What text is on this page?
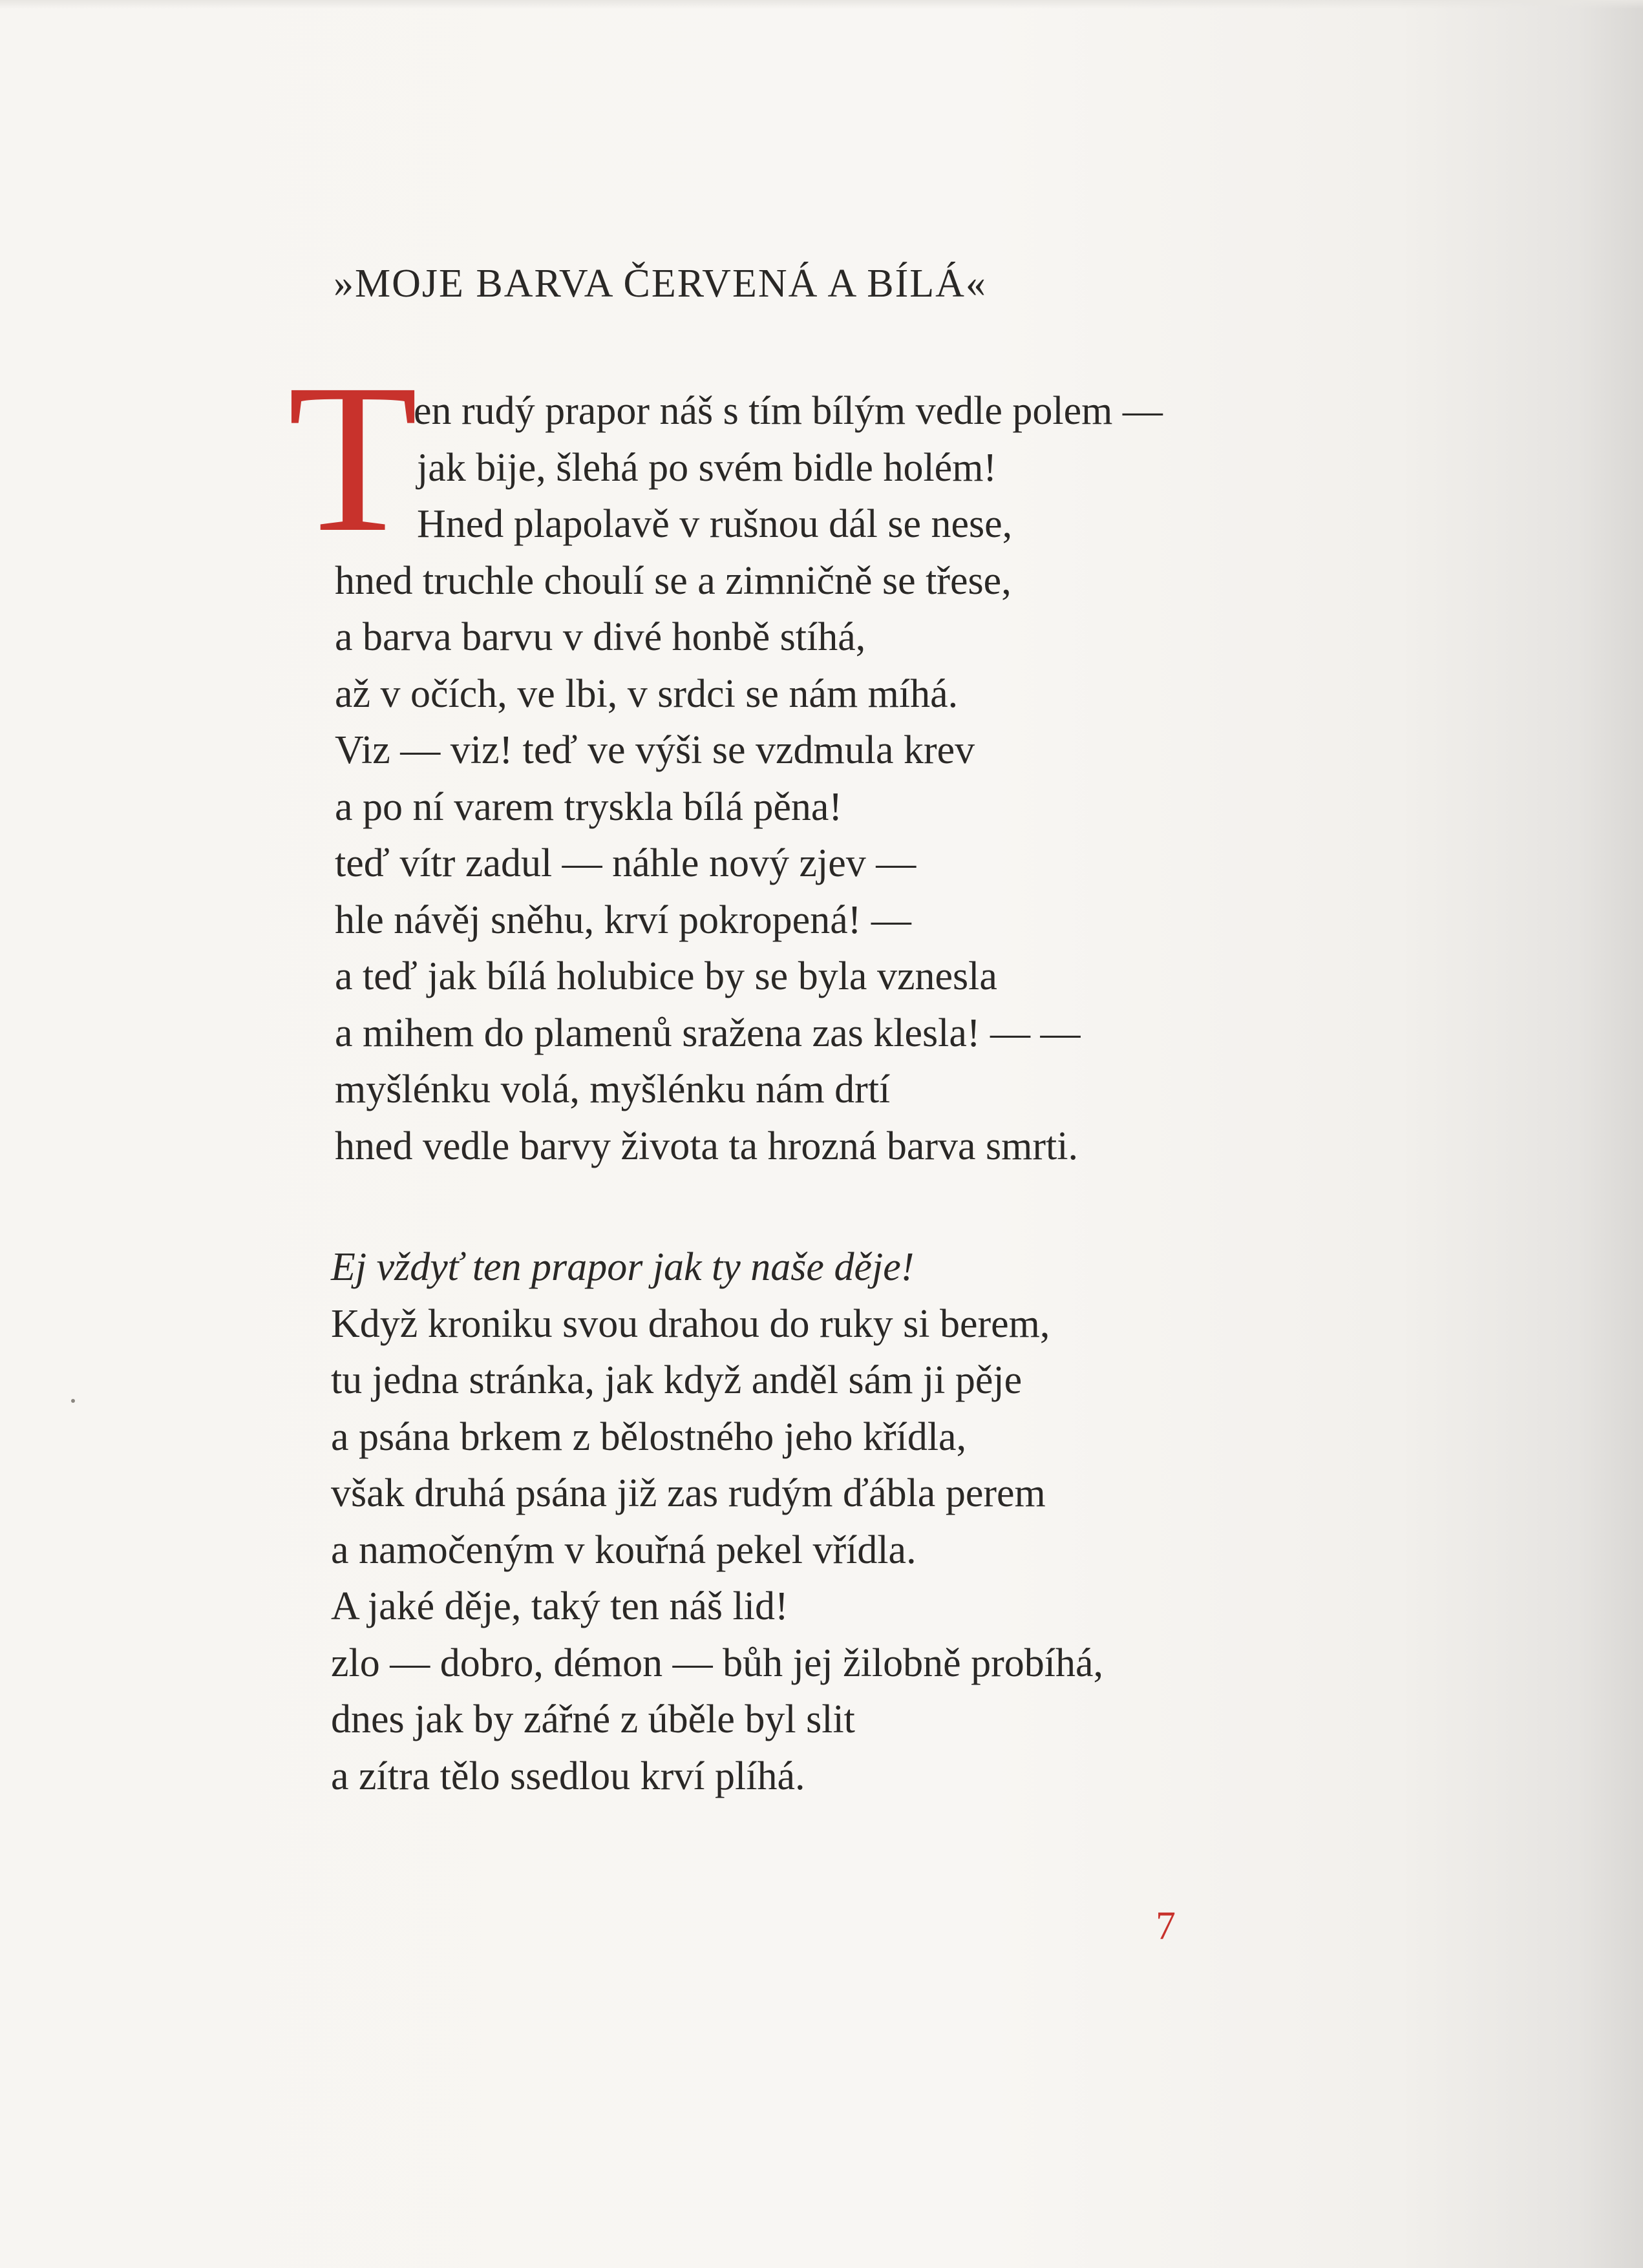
»MOJE BARVA ČERVENÁ A BÍLÁ«
T
en rudý prapor náš s tím bílým vedle polem —
jak bije, šlehá po svém bidle holém!
Hned plapolavě v rušnou dál se nese,
hned truchle choulí se a zimničně se třese,
a barva barvu v divé honbě stíhá,
až v očích, ve lbi, v srdci se nám míhá.
Viz — viz! teď ve výši se vzdmula krev
a po ní varem tryskla bílá pěna!
teď vítr zadul — náhle nový zjev —
hle návěj sněhu, krví pokropená! —
a teď jak bílá holubice by se byla vznesla
a mihem do plamenů sražena zas klesla! — —
myšlénku volá, myšlénku nám drtí
hned vedle barvy života ta hrozná barva smrti.
Ej vždyť ten prapor jak ty naše děje!
Když kroniku svou drahou do ruky si berem,
tu jedna stránka, jak když anděl sám ji pěje
a psána brkem z bělostného jeho křídla,
však druhá psána již zas rudým ďábla perem
a namočeným v kouřná pekel vřídla.
A jaké děje, taký ten náš lid!
zlo — dobro, démon — bůh jej žilobně probíhá,
dnes jak by zářné z úběle byl slit
a zítra tělo ssedlou krví plíhá.
7
